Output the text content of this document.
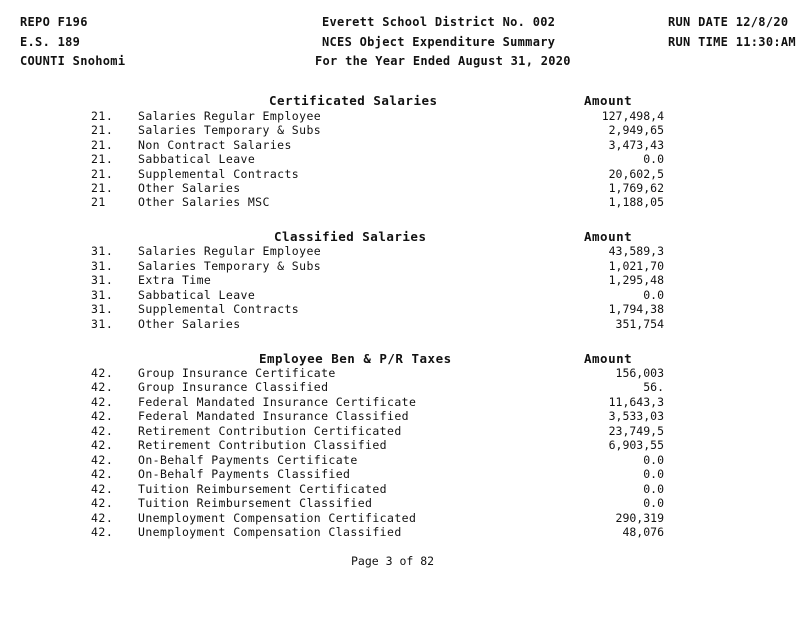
REPO F196
E.S. 189
COUNTI Snohomi
Everett School District No. 002
NCES Object Expenditure Summary
For the Year Ended August 31, 2020
RUN DATE 12/8/20
RUN TIME 11:30:AM
Certificated Salaries	Amount
21. Salaries Regular Employee	127,498,4
21. Salaries Temporary & Subs	2,949,65
21. Non Contract Salaries	3,473,43
21. Sabbatical Leave	0.0
21. Supplemental Contracts	20,602,5
21. Other Salaries	1,769,62
21	Other Salaries MSC	1,188,05
Classified Salaries	Amount
31. Salaries Regular Employee	43,589,3
31. Salaries Temporary & Subs	1,021,70
31. Extra Time	1,295,48
31. Sabbatical Leave	0.0
31. Supplemental Contracts	1,794,38
31. Other Salaries	351,754
Employee Ben & P/R Taxes	Amount
42. Group Insurance Certificate	156,003
42. Group Insurance Classified	56.
42. Federal Mandated Insurance Certificate	11,643,3
42. Federal Mandated Insurance Classified	3,533,03
42. Retirement Contribution Certificated	23,749,5
42. Retirement Contribution Classified	6,903,55
42. On-Behalf Payments Certificate	0.0
42. On-Behalf Payments Classified	0.0
42. Tuition Reimbursement Certificated	0.0
42. Tuition Reimbursement Classified	0.0
42. Unemployment Compensation Certificated	290,319
42. Unemployment Compensation Classified	48,076
Page 3 of 82
